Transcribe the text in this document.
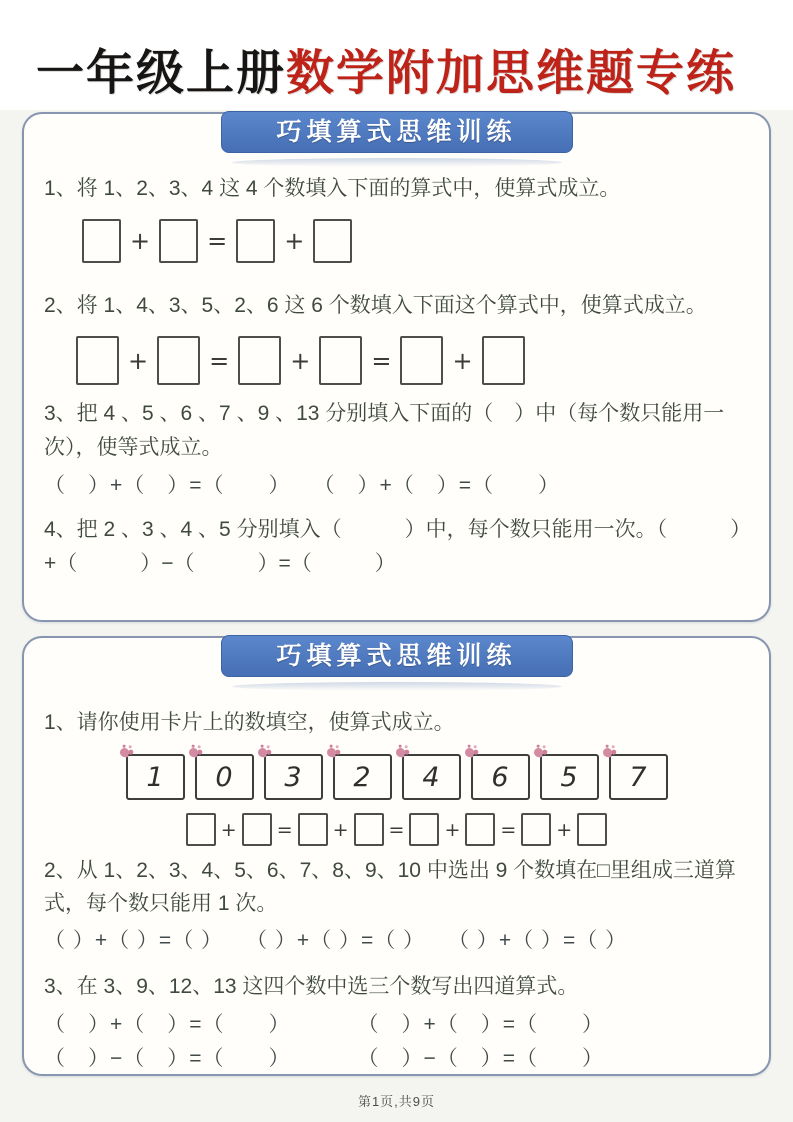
一年级上册数学附加思维题专练
巧填算式思维训练
1、将 1、2、3、4 这 4 个数填入下面的算式中，使算式成立。
+ = +
2、将 1、4、3、5、2、6 这 6 个数填入下面这个算式中，使算式成立。
+	=	+	=	+
3、把 4 、5 、6 、7 、9 、13 分别填入下面的（　）中（每个数只能用一 次），使等式成立。
（　）+（　）=（　　）　　（　）+（　）=（　　）
4、把 2 、3 、4 、5 分别填入（　　　）中，每个数只能用一次。（　　　）+（　　　）−（　　　）=（　　　）
巧填算式思维训练
1、请你使用卡片上的数填空，使算式成立。
1 0 3 2 4 6 5 7
+ = + = + = +
2、从 1、2、3、4、5、6、7、8、9、10 中选出 9 个数填在□里组成三道算式，每个数只能用 1 次。
（ ）+（ ）=（ ）　　（ ）+（ ）=（ ）　　（ ）+（ ）=（ ）
3、在 3、9、12、13 这四个数中选三个数写出四道算式。
（　）+（　）=（　　）　　　　（　）+（　）=（　　）
（　）−（　）=（　　）　　　　（　）−（　）=（　　）
第1页,共9页
